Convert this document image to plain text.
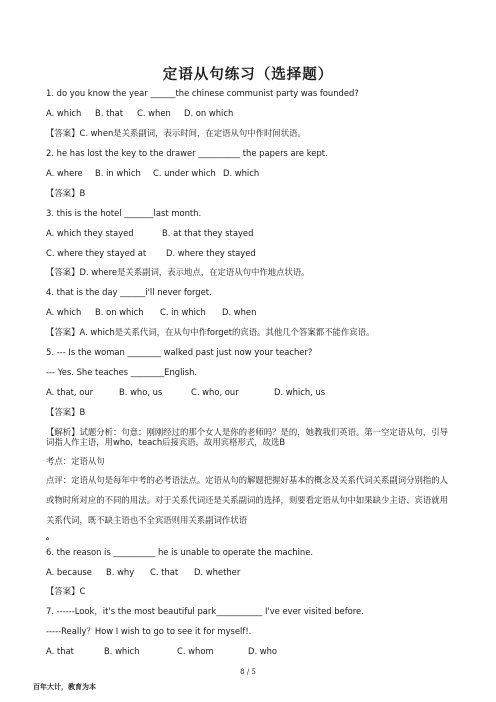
定语从句练习（选择题）
1. do you know the year ______the chinese communist party was founded?
A. which	B. that	C. when	D. on which
【答案】C. when是关系副词，表示时间，在定语从句中作时间状语。
2. he has lost the key to the drawer __________ the papers are kept.
A. where	B. in which	C. under which D. which
【答案】B
3. this is the hotel _______last month.
A. which they stayed	B. at that they stayed
C. where they stayed at	D. where they stayed
【答案】D. where是关系副词，表示地点，在定语从句中作地点状语。
4. that is the day ______i'll never forget.
A. which	B. on which	C. in which	D. when
【答案】A. which是关系代词，在从句中作forget的宾语。其他几个答案都不能作宾语。
5. --- Is the woman ________ walked past just now your teacher?
--- Yes. She teaches ________English.
A. that, our	B. who, us	C. who, our	D. which, us
【答案】B
【解析】试题分析：句意：刚刚经过的那个女人是你的老师吗？是的，她教我们英语。第一空定语从句，引导词指人作主语，用who，teach后接宾语，故用宾格形式，故选B
考点：定语从句
点评：定语从句是每年中考的必考语法点。定语从句的解题把握好基本的概念及关系代词关系副词分别指的人或物时所对应的不同的用法。对于关系代词还是关系副词的选择，则要看定语从句中如果缺少主语、宾语就用关系代词，既不缺主语也不全宾语则用关系副词作状语
。
6. the reason is __________ he is unable to operate the machine.
A. because	B. why	C. that	D. whether
【答案】C
7. ------Look，it's the most beautiful park___________ I've ever visited before.
-----Really？How I wish to go to see it for myself!.
A. that	B. which	C. whom	D. who
8 / 5
百年大计，教育为本
